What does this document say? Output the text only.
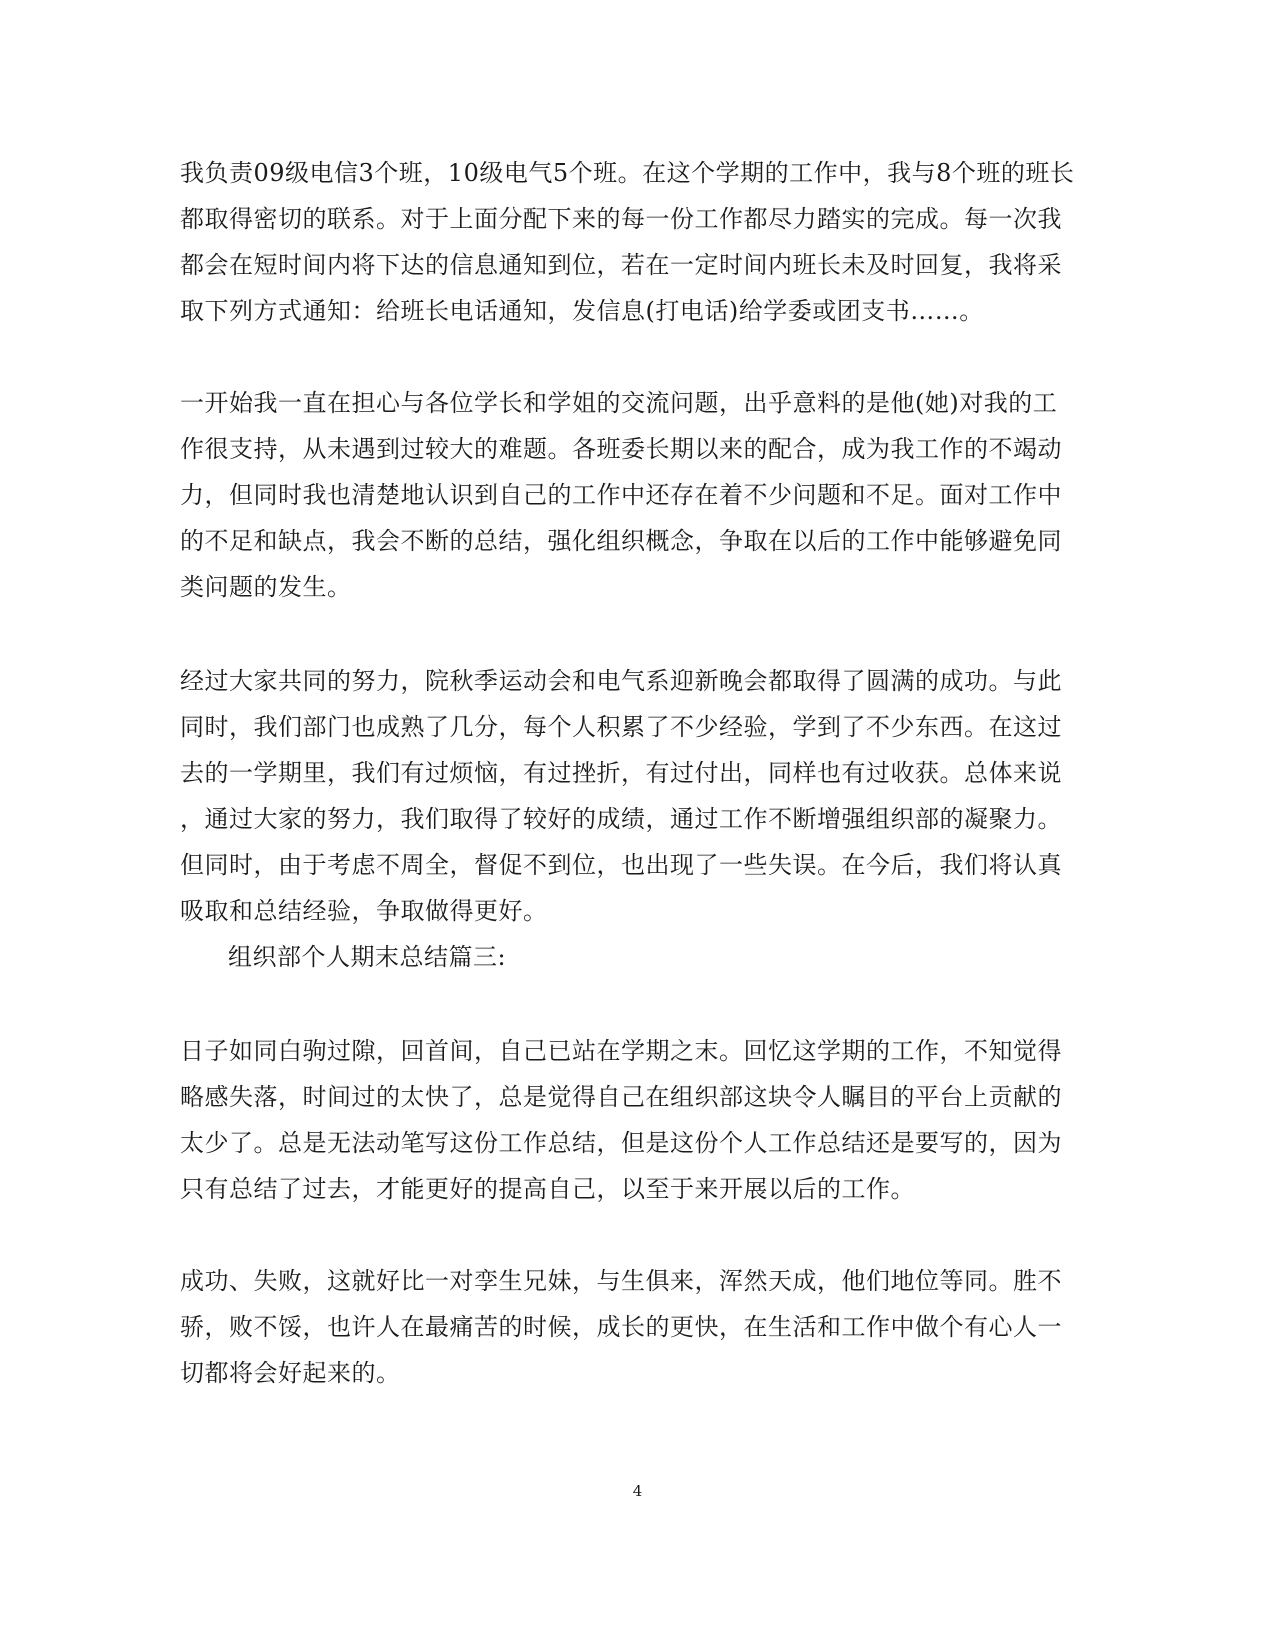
我负责09级电信3个班，10级电气5个班。在这个学期的工作中，我与8个班的班长
都取得密切的联系。对于上面分配下来的每一份工作都尽力踏实的完成。每一次我
都会在短时间内将下达的信息通知到位，若在一定时间内班长未及时回复，我将采
取下列方式通知：给班长电话通知，发信息(打电话)给学委或团支书……。
一开始我一直在担心与各位学长和学姐的交流问题，出乎意料的是他(她)对我的工
作很支持，从未遇到过较大的难题。各班委长期以来的配合，成为我工作的不竭动
力，但同时我也清楚地认识到自己的工作中还存在着不少问题和不足。面对工作中
的不足和缺点，我会不断的总结，强化组织概念，争取在以后的工作中能够避免同
类问题的发生。
经过大家共同的努力，院秋季运动会和电气系迎新晚会都取得了圆满的成功。与此
同时，我们部门也成熟了几分，每个人积累了不少经验，学到了不少东西。在这过
去的一学期里，我们有过烦恼，有过挫折，有过付出，同样也有过收获。总体来说
，通过大家的努力，我们取得了较好的成绩，通过工作不断增强组织部的凝聚力。
但同时，由于考虑不周全，督促不到位，也出现了一些失误。在今后，我们将认真
吸取和总结经验，争取做得更好。
组织部个人期末总结篇三:
日子如同白驹过隙，回首间，自己已站在学期之末。回忆这学期的工作，不知觉得
略感失落，时间过的太快了，总是觉得自己在组织部这块令人瞩目的平台上贡献的
太少了。总是无法动笔写这份工作总结，但是这份个人工作总结还是要写的，因为
只有总结了过去，才能更好的提高自己，以至于来开展以后的工作。
成功、失败，这就好比一对孪生兄妹，与生俱来，浑然天成，他们地位等同。胜不
骄，败不馁，也许人在最痛苦的时候，成长的更快，在生活和工作中做个有心人一
切都将会好起来的。
4
